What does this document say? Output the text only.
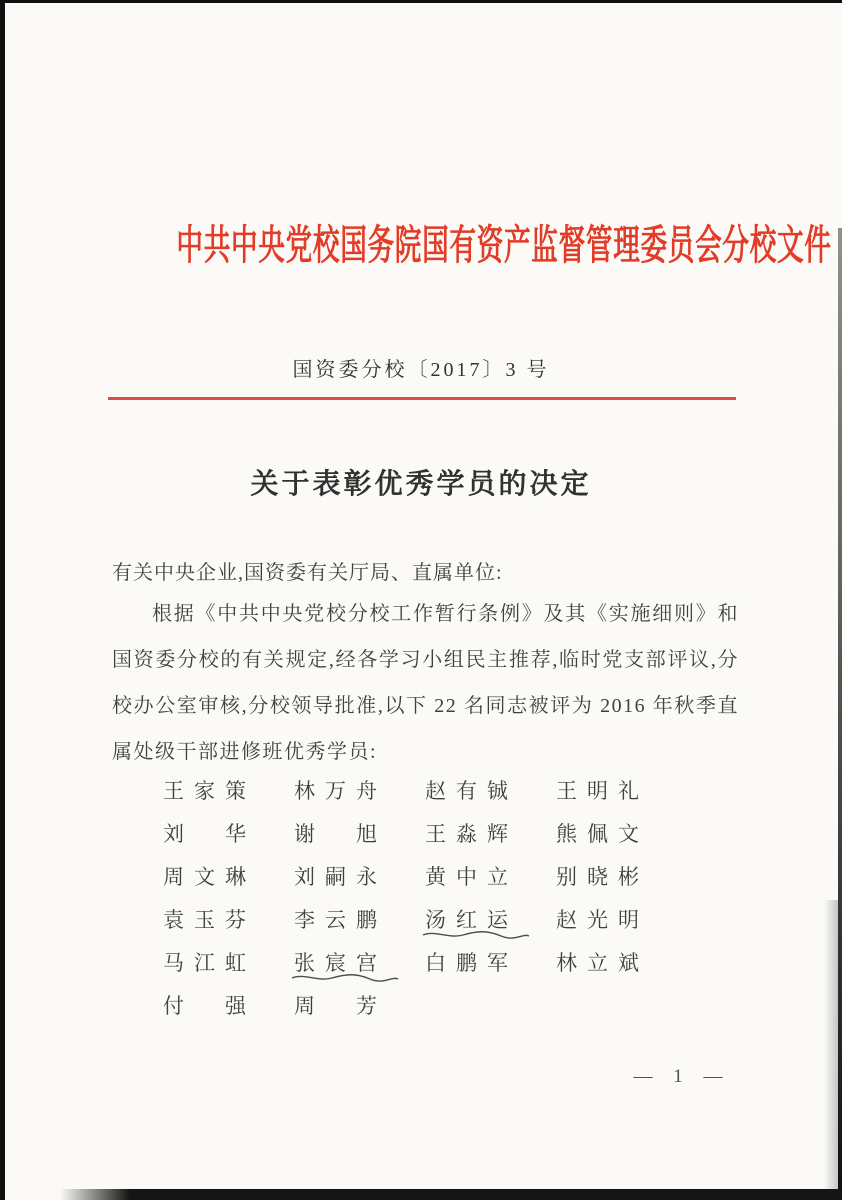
中共中央党校国务院国有资产监督管理委员会分校文件
国资委分校〔2017〕3 号
关于表彰优秀学员的决定
有关中央企业,国资委有关厅局、直属单位:
根据《中共中央党校分校工作暂行条例》及其《实施细则》和国资委分校的有关规定,经各学习小组民主推荐,临时党支部评议,分校办公室审核,分校领导批准,以下 22 名同志被评为 2016 年秋季直属处级干部进修班优秀学员:
王家策	林万舟	赵有铖	王明礼
刘　华	谢　旭	王淼辉	熊佩文
周文琳	刘嗣永	黄中立	别晓彬
袁玉芬	李云鹏	汤红运	赵光明
马江虹	张宸宫	白鹏军	林立斌
付　强	周　芳
— 1 —
